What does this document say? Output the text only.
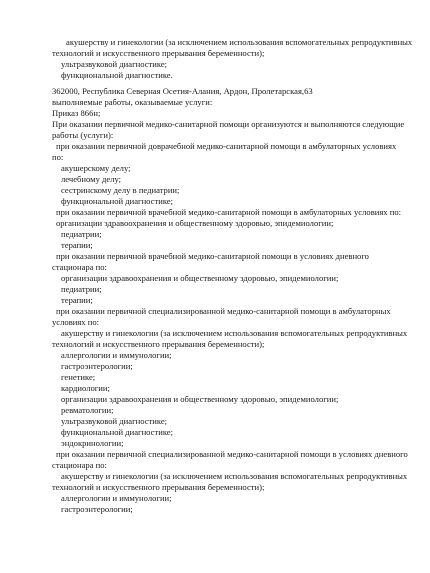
акушерству и гинекологии (за исключением использования вспомогательных репродуктивных
технологий и искусственного прерывания беременности);
ультразвуковой диагностике;
функциональной диагностике.
362000, Республика Северная Осетия-Алания, Ардон, Пролетарская,63
выполняемые работы, оказываемые услуги:
Приказ 866н;
При оказании первичной медико-санитарной помощи организуются и выполняются следующие
работы (услуги):
при оказании первичной доврачебной медико-санитарной помощи в амбулаторных условиях
по:
акушерскому делу;
лечебному делу;
сестринскому делу в педиатрии;
функциональной диагностике;
при оказании первичной врачебной медико-санитарной помощи в амбулаторных условиях по:
организации здравоохранения и общественному здоровью, эпидемиологии;
педиатрии;
терапии;
при оказании первичной врачебной медико-санитарной помощи в условиях дневного
стационара по:
организации здравоохранения и общественному здоровью, эпидемиологии;
педиатрии;
терапии;
при оказании первичной специализированной медико-санитарной помощи в амбулаторных
условиях по:
акушерству и гинекологии (за исключением использования вспомогательных репродуктивных
технологий и искусственного прерывания беременности);
аллергологии и иммунологии;
гастроэнтерологии;
генетике;
кардиологии;
организации здравоохранения и общественному здоровью, эпидемиологии;
ревматологии;
ультразвуковой диагностике;
функциональной диагностике;
эндокринологии;
при оказании первичной специализированной медико-санитарной помощи в условиях дневного
стационара по:
акушерству и гинекологии (за исключением использования вспомогательных репродуктивных
технологий и искусственного прерывания беременности);
аллергологии и иммунологии;
гастроэнтерологии;
